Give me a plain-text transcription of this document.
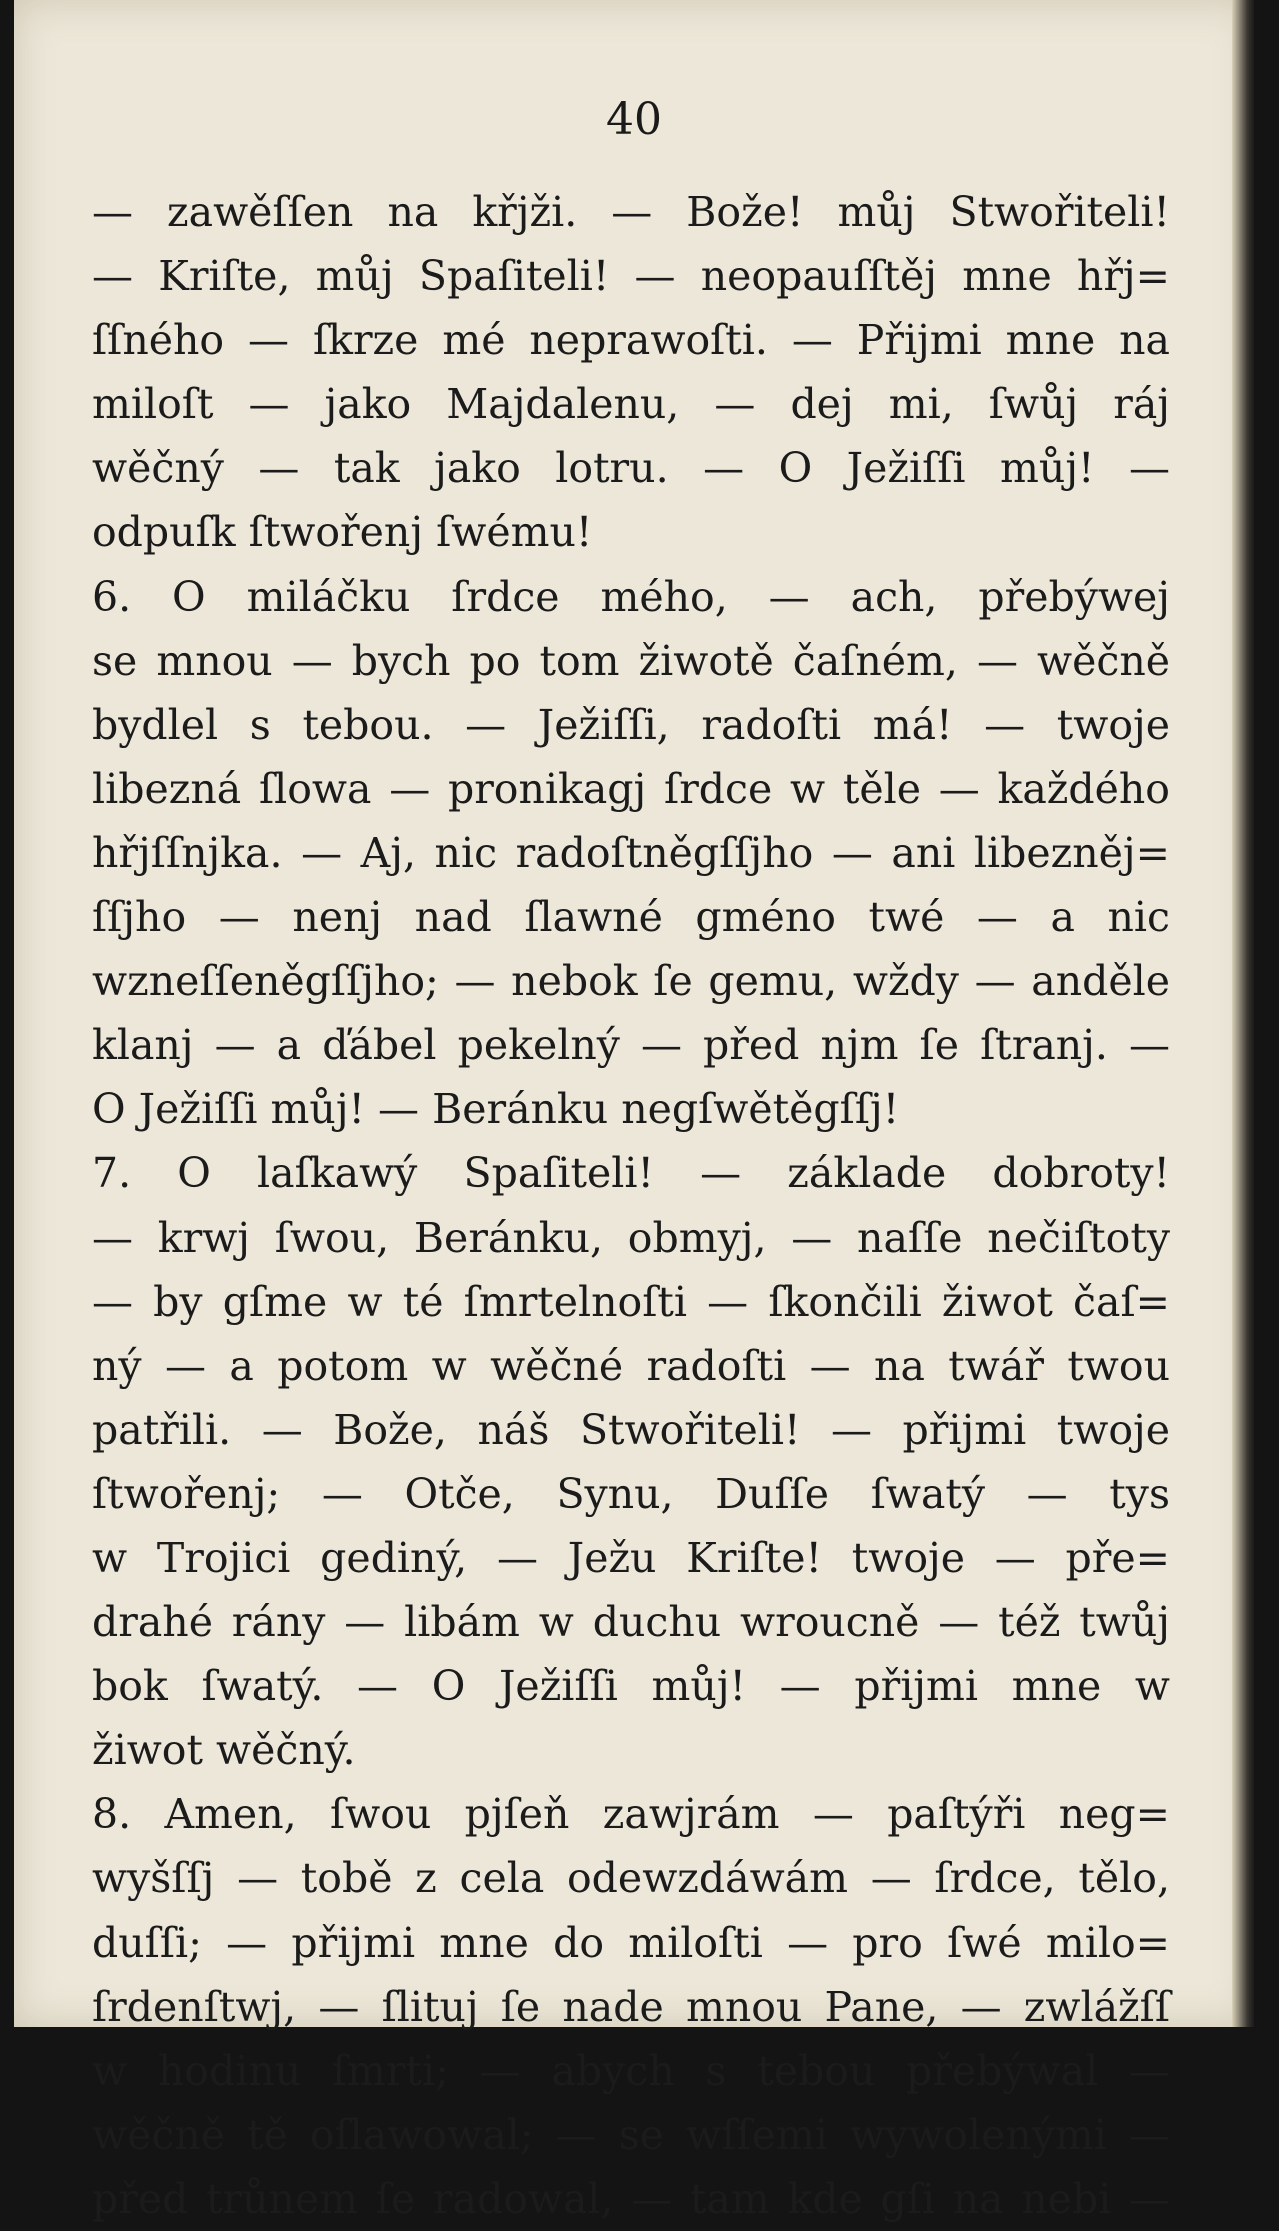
40
— zawěſſen na křjži. — Bože! můj Stwořiteli!
— Kriſte, můj Spaſiteli! — neopauſſtěj mne hřj=
ſſného — ſkrze mé neprawoſti. — Přijmi mne na
miloſt — jako Majdalenu, — dej mi, ſwůj ráj
wěčný — tak jako lotru. — O Ježiſſi můj! —
odpuſk ſtwořenj ſwému!
6. O miláčku ſrdce mého, — ach, přebýwej
se mnou — bych po tom žiwotě čaſném, — wěčně
bydlel s tebou. — Ježiſſi, radoſti má! — twoje
libezná ſlowa — pronikagj ſrdce w těle — každého
hřjſſnjka. — Aj, nic radoſtněgſſjho — ani libezněj=
ſſjho — nenj nad ſlawné gméno twé — a nic
wzneſſeněgſſjho; — nebok ſe gemu, wždy — anděle
klanj — a ďábel pekelný — před njm ſe ſtranj. —
O Ježiſſi můj! — Beránku negſwětěgſſj!
7. O laſkawý Spaſiteli! — základe dobroty!
— krwj ſwou, Beránku, obmyj, — naſſe nečiſtoty
— by gſme w té ſmrtelnoſti — ſkončili žiwot čaſ=
ný — a potom w wěčné radoſti — na twář twou
patřili. — Bože, náš Stwořiteli! — přijmi twoje
ſtwořenj; — Otče, Synu, Duſſe ſwatý — tys
w Trojici gediný, — Ježu Kriſte! twoje — pře=
drahé rány — libám w duchu wroucně — též twůj
bok ſwatý. — O Ježiſſi můj! — přijmi mne w
žiwot wěčný.
8. Amen, ſwou pjſeň zawjrám — paſtýři neg=
wyšſſj — tobě z cela odewzdáwám — ſrdce, tělo,
duſſi; — přijmi mne do miloſti — pro ſwé milo=
ſrdenſtwj, — ſlituj ſe nade mnou Pane, — zwlážſſ
w hodinu ſmrti; — abych s tebou přebýwal —
wěčně tě oſlawowal; — se wſſemi wywolenými —
před trůnem ſe radowal, — tam kde gſi na nebi —
